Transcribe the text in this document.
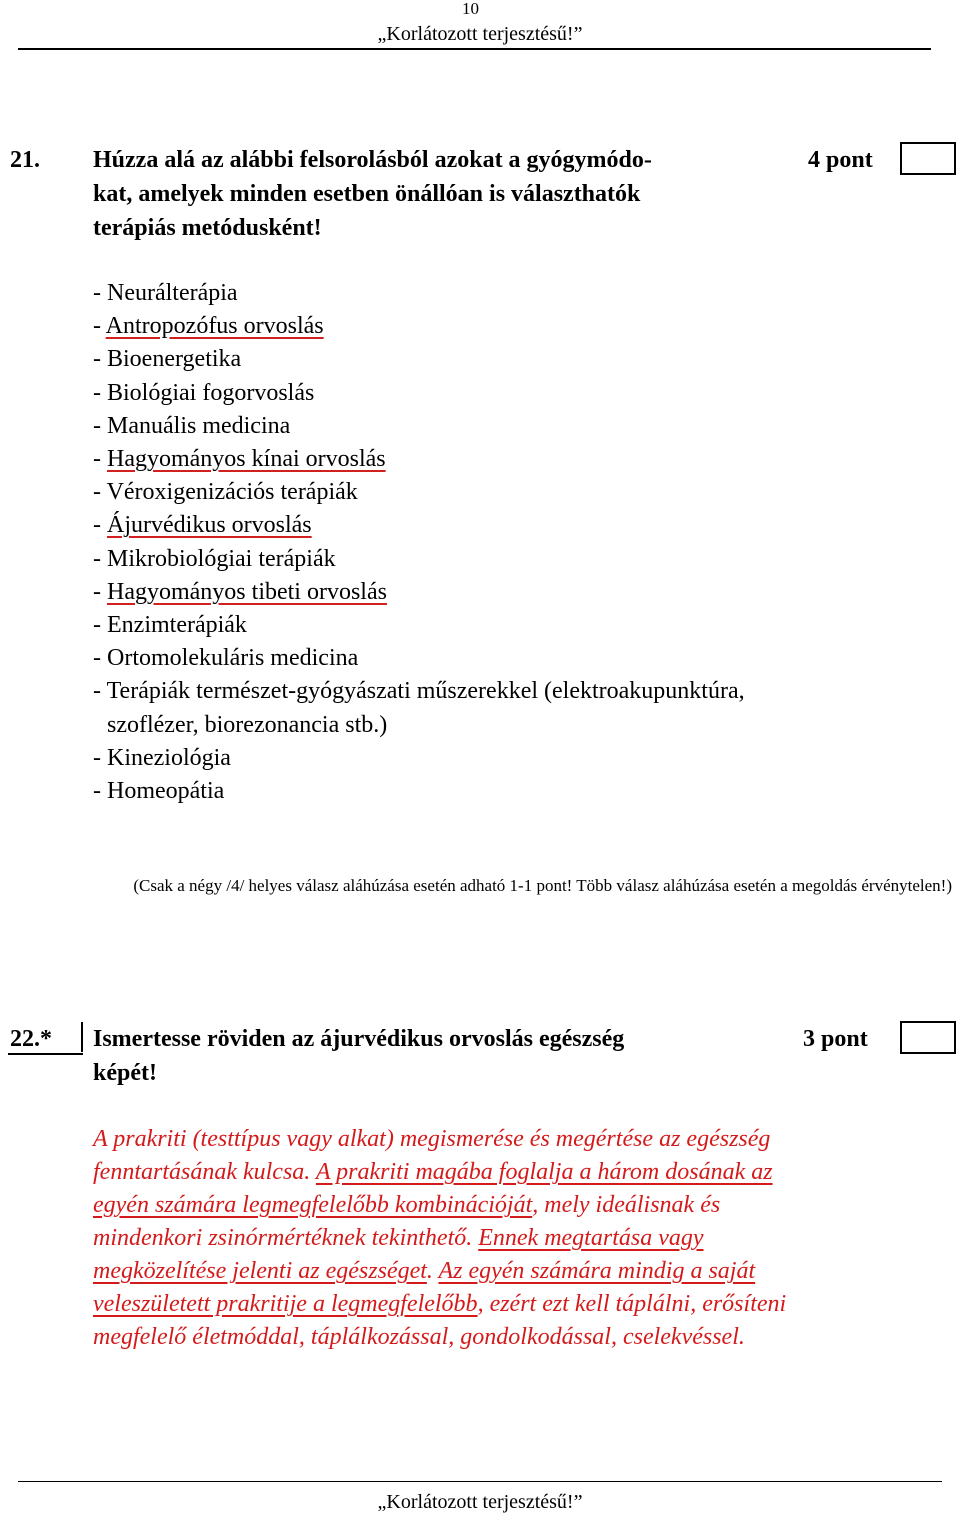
10
„Korlátozott terjesztésű!”
21. Húzza alá az alábbi felsorolásból azokat a gyógymódo-
kat, amelyek minden esetben önállóan is választhatók
terápiás metódusként!
4 pont
- Neurálterápia
- Antropozófus orvoslás
- Bioenergetika
- Biológiai fogorvoslás
- Manuális medicina
- Hagyományos kínai orvoslás
- Véroxigenizációs terápiák
- Ájurvédikus orvoslás
- Mikrobiológiai terápiák
- Hagyományos tibeti orvoslás
- Enzimterápiák
- Ortomolekuláris medicina
- Terápiák természet-gyógyászati műszerekkel (elektroakupunktúra,
szoflézer, biorezonancia stb.)
- Kineziológia
- Homeopátia
(Csak a négy /4/ helyes válasz aláhúzása esetén adható 1-1 pont! Több válasz aláhúzása esetén a megoldás érvénytelen!)
22.* Ismertesse röviden az ájurvédikus orvoslás egészség
képét!
3 pont
A prakriti (testtípus vagy alkat) megismerése és megértése az egészség
fenntartásának kulcsa. A prakriti magába foglalja a három dosának az
egyén számára legmegfelelőbb kombinációját, mely ideálisnak és
mindenkori zsinórmértéknek tekinthető. Ennek megtartása vagy
megközelítése jelenti az egészséget. Az egyén számára mindig a saját
veleszületett prakritije a legmegfelelőbb, ezért ezt kell táplálni, erősíteni
megfelelő életmóddal, táplálkozással, gondolkodással, cselekvéssel.
„Korlátozott terjesztésű!”
